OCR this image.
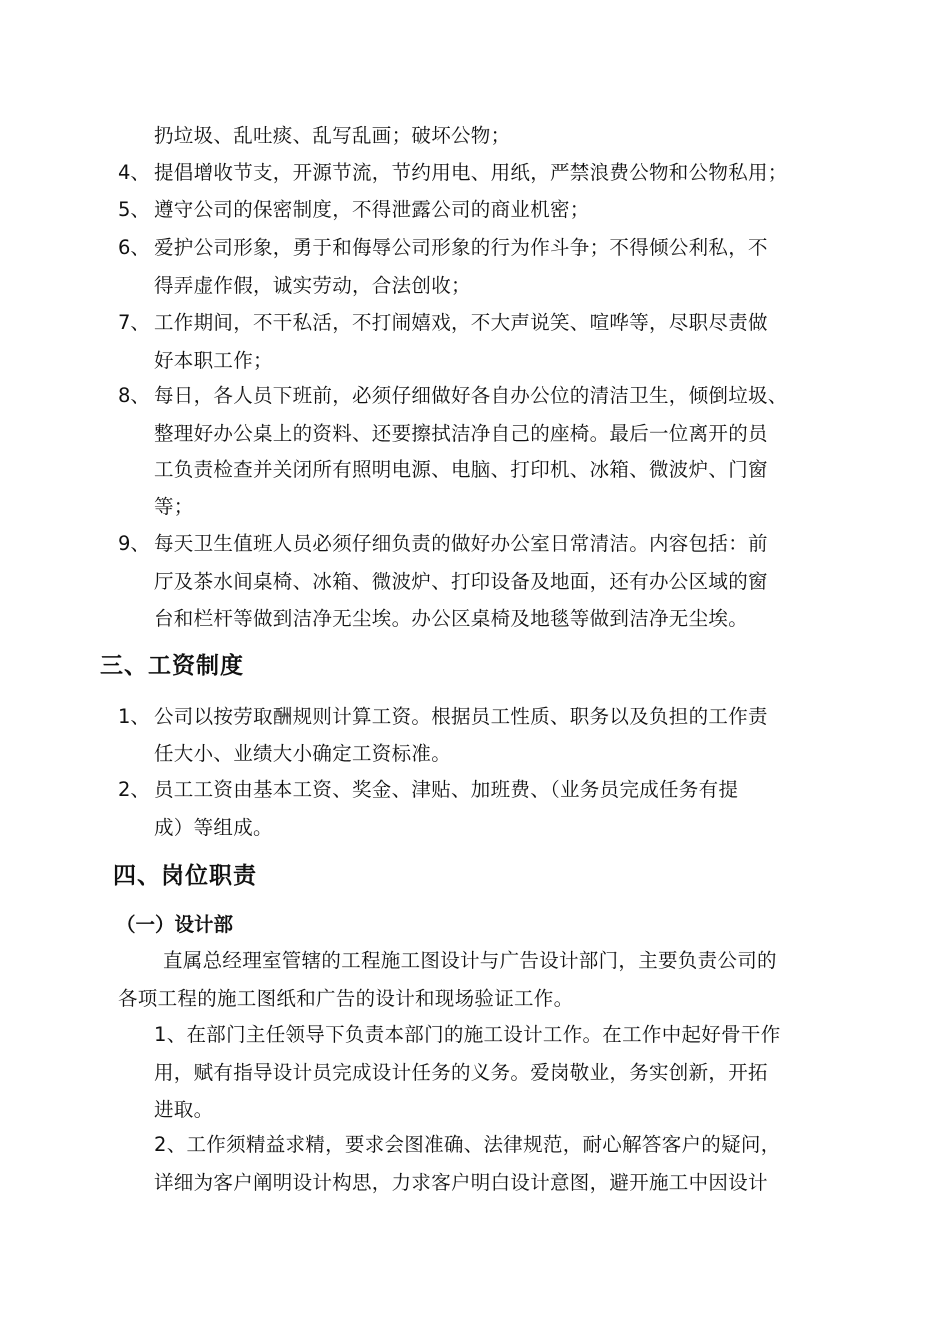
扔垃圾、乱吐痰、乱写乱画；破坏公物；
4、 提倡增收节支，开源节流，节约用电、用纸，严禁浪费公物和公物私用；
5、 遵守公司的保密制度，不得泄露公司的商业机密；
6、 爱护公司形象，勇于和侮辱公司形象的行为作斗争；不得倾公利私，不
得弄虚作假，诚实劳动，合法创收；
7、 工作期间，不干私活，不打闹嬉戏，不大声说笑、喧哗等，尽职尽责做
好本职工作；
8、 每日，各人员下班前，必须仔细做好各自办公位的清洁卫生，倾倒垃圾、
整理好办公桌上的资料、还要擦拭洁净自己的座椅。最后一位离开的员
工负责检查并关闭所有照明电源、电脑、打印机、冰箱、微波炉、门窗
等；
9、 每天卫生值班人员必须仔细负责的做好办公室日常清洁。内容包括：前
厅及茶水间桌椅、冰箱、微波炉、打印设备及地面，还有办公区域的窗
台和栏杆等做到洁净无尘埃。办公区桌椅及地毯等做到洁净无尘埃。
三、工资制度
1、 公司以按劳取酬规则计算工资。根据员工性质、职务以及负担的工作责
任大小、业绩大小确定工资标准。
2、 员工工资由基本工资、奖金、津贴、加班费、（业务员完成任务有提
成）等组成。
四、岗位职责
（一）设计部
直属总经理室管辖的工程施工图设计与广告设计部门，主要负责公司的
各项工程的施工图纸和广告的设计和现场验证工作。
1、在部门主任领导下负责本部门的施工设计工作。在工作中起好骨干作
用，赋有指导设计员完成设计任务的义务。爱岗敬业，务实创新，开拓
进取。
2、工作须精益求精，要求会图准确、法律规范，耐心解答客户的疑问，
详细为客户阐明设计构思，力求客户明白设计意图，避开施工中因设计
